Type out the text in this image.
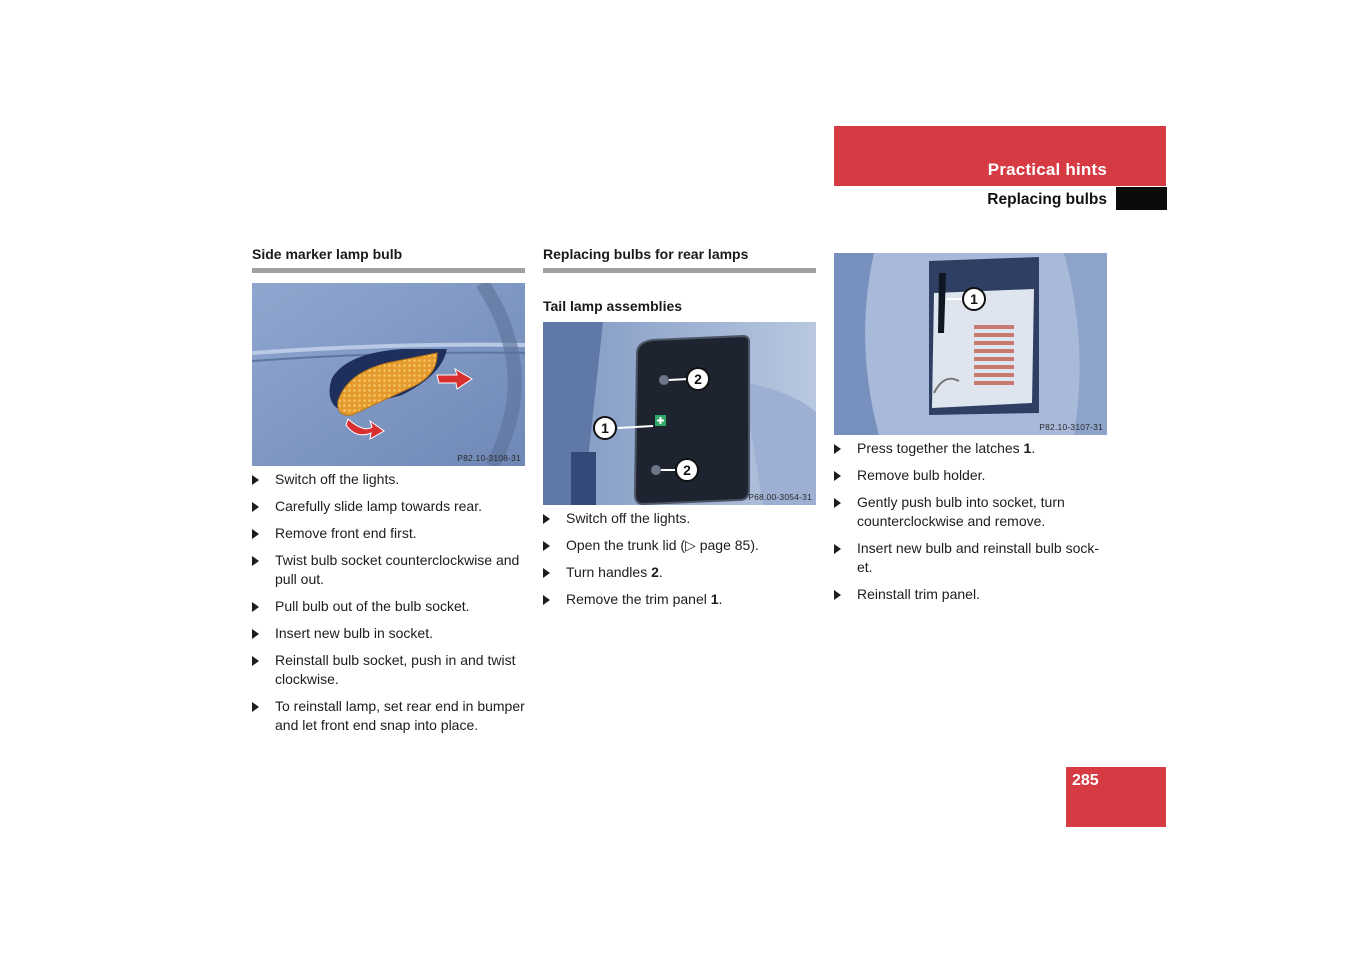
Practical hints
Replacing bulbs
Side marker lamp bulb
P82.10-3108-31
Switch off the lights.
Carefully slide lamp towards rear.
Remove front end first.
Twist bulb socket counterclockwise and pull out.
Pull bulb out of the bulb socket.
Insert new bulb in socket.
Reinstall bulb socket, push in and twist clockwise.
To reinstall lamp, set rear end in bumper and let front end snap into place.
Replacing bulbs for rear lamps
Tail lamp assemblies
1
2
2
P68.00-3054-31
Switch off the lights.
Open the trunk lid (▷ page 85).
Turn handles 2.
Remove the trim panel 1.
1
P82.10-3107-31
Press together the latches 1.
Remove bulb holder.
Gently push bulb into socket, turn counterclockwise and remove.
Insert new bulb and reinstall bulb sock-et.
Reinstall trim panel.
285
